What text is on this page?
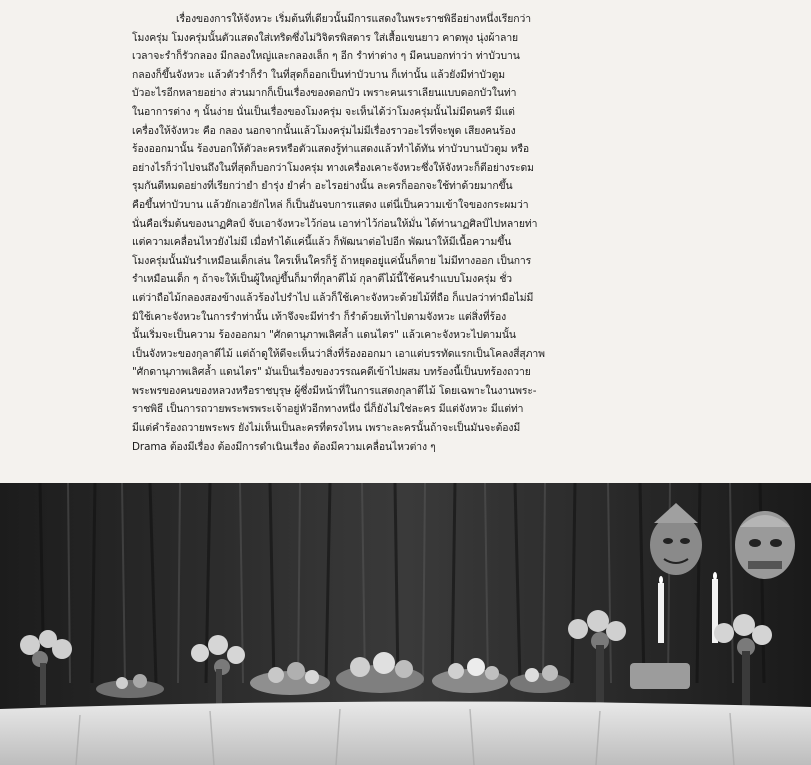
เรื่องของการให้จังหวะ เริ่มต้นที่เดียวนั้นมีการแสดงในพระราชพิธีอย่างหนึ่งเรียกว่า
โมงครุ่ม โมงครุ่มนั้นตัวแสดงใส่เทริดซึ่งไม่วิจิตรพิสดาร ใส่เสื้อแขนยาว คาดพุง นุ่งผ้าลาย
เวลาจะรำก็รัวกลอง มีกลองใหญ่และกลองเล็ก ๆ อีก รำท่าต่าง ๆ มีคนบอกท่าว่า ท่าบัวบาน
กลองก็ขึ้นจังหวะ แล้วตัวรำก็รำ ในที่สุดก็ออกเป็นท่าบัวบาน ก็เท่านั้น แล้วยังมีท่าบัวตูม
บัวอะไรอีกหลายอย่าง ส่วนมากก็เป็นเรื่องของดอกบัว เพราะคนเราเลียนแบบดอกบัวในท่า
ในอาการต่าง ๆ นั้นง่าย นั่นเป็นเรื่องของโมงครุ่ม จะเห็นได้ว่าโมงครุ่มนั้นไม่มีดนตรี มีแต่
เครื่องให้จังหวะ คือ กลอง นอกจากนั้นแล้วโมงครุ่มไม่มีเรื่องราวอะไรที่จะพูด เสียงคนร้อง
ร้องออกมานั้น ร้องบอกให้ตัวละครหรือตัวแสดงรู้ท่าแสดงแล้วทำได้ทัน ท่าบัวบานบัวตูม หรือ
อย่างไรก็ว่าไปจนถึงในที่สุดก็บอกว่าโมงครุ่ม ทางเครื่องเคาะจังหวะซึ่งให้จังหวะก็ตีอย่างระดม
รุมกันตีหมดอย่างที่เรียกว่ายำ ยำรุ่ง ยำค่ำ อะไรอย่างนั้น ละครก็ออกจะใช้ท่าด้วยมากขึ้น
คือขึ้นท่าบัวบาน แล้วยักเอวยักไหล่ ก็เป็นอันจบการแสดง แต่นี่เป็นความเข้าใจของกระผมว่า
นั่นคือเริ่มต้นของนาฏศิลป์ จับเอาจังหวะไว้ก่อน เอาท่าไว้ก่อนให้มั่น ได้ท่านาฏศิลป์ไปหลายท่า
แต่ความเคลื่อนไหวยังไม่มี เมื่อทำได้แค่นี้แล้ว ก็พัฒนาต่อไปอีก พัฒนาให้มีเนื้อความขึ้น
โมงครุ่มนั้นมันรำเหมือนเด็กเล่น ใครเห็นใครก็รู้ ถ้าหยุดอยู่แค่นั้นก็ตาย ไม่มีทางออก เป็นการ
รำเหมือนเด็ก ๆ ถ้าจะให้เป็นผู้ใหญ่ขึ้นก็มาที่กุลาตีไม้ กุลาตีไม้นี้ใช้คนรำแบบโมงครุ่ม ชั่ว
แต่ว่าถือไม้กลองสองข้างแล้วร้องไปรำไป แล้วก็ใช้เคาะจังหวะด้วยไม้ที่ถือ ก็แปลว่าท่ามือไม่มี
มิใช้เคาะจังหวะในการรำท่านั้น เท้าจึงจะมีท่ารำ ก็รำด้วยเท้าไปตามจังหวะ แต่สิ่งที่ร้อง
นั้นเริ่มจะเป็นความ ร้องออกมา "ศักดานุภาพเลิศล้ำ แดนไตร" แล้วเคาะจังหวะไปตามนั้น
เป็นจังหวะของกุลาตีไม้ แต่ถ้าดูให้ดีจะเห็นว่าสิ่งที่ร้องออกมา เอาแต่บรรทัดแรกเป็นโคลงสี่สุภาพ
"ศักดานุภาพเลิศล้ำ แดนไตร" มันเป็นเรื่องของวรรณคดีเข้าไปผสม บทร้องนี้เป็นบทร้องถวาย
พระพรของคนของหลวงหรือราชบุรุษ ผู้ซึ่งมีหน้าที่ในการแสดงกุลาตีไม้ โดยเฉพาะในงานพระ-
ราชพิธี เป็นการถวายพระพรพระเจ้าอยู่หัวอีกทางหนึ่ง นี่ก็ยังไม่ใช่ละคร มีแต่จังหวะ มีแต่ท่า
มีแต่คำร้องถวายพระพร ยังไม่เห็นเป็นละครที่ตรงไหน เพราะละครนั้นถ้าจะเป็นมันจะต้องมี
Drama ต้องมีเรื่อง ต้องมีการดำเนินเรื่อง ต้องมีความเคลื่อนไหวต่าง ๆ
